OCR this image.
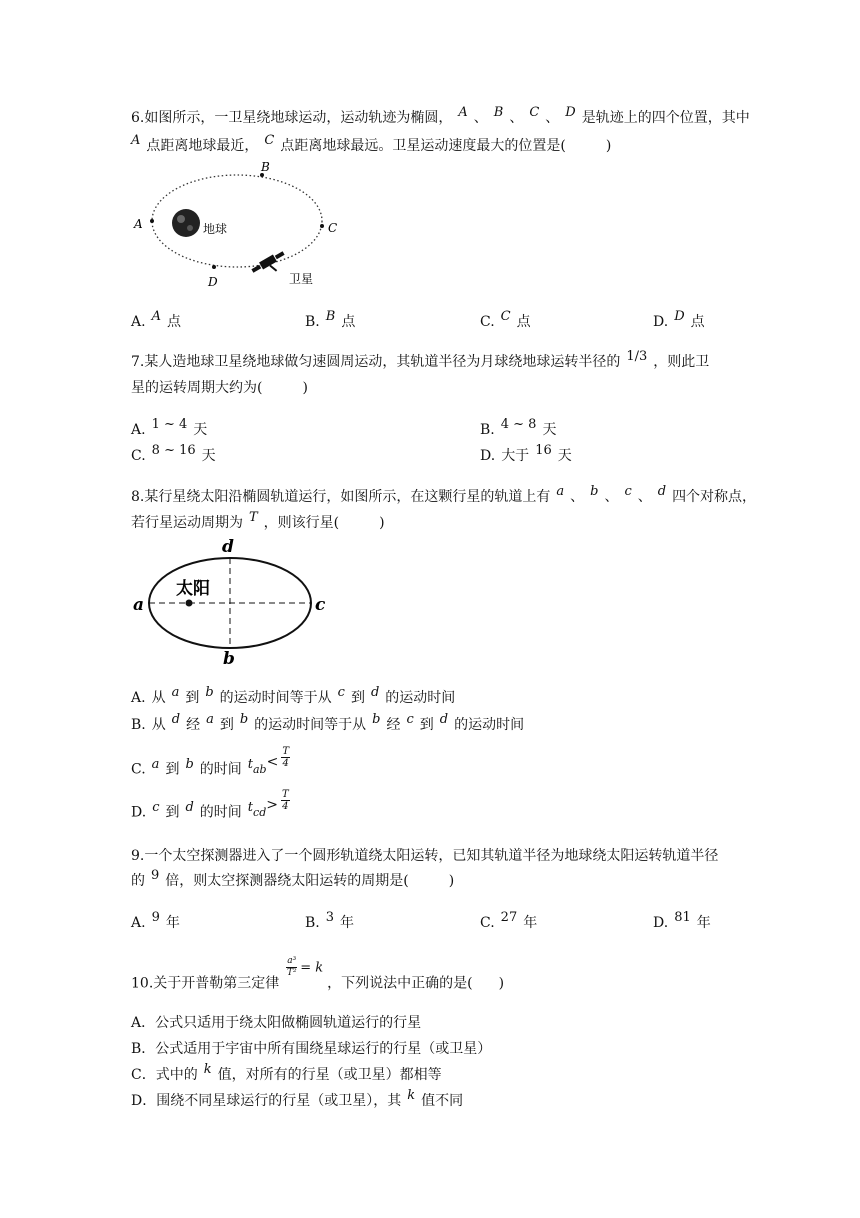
6.如图所示，一卫星绕地球运动，运动轨迹为椭圆， A 、 B 、 C 、 D 是轨迹上的四个位置，其中
A 点距离地球最近， C 点距离地球最远。卫星运动速度最大的位置是(	)
地球
A
B
C
D	卫星
A. A 点	B. B 点	C. C 点	D. D 点
7.某人造地球卫星绕地球做匀速圆周运动，其轨道半径为月球绕地球运转半径的 1/3 ，则此卫
星的运转周期大约为(	)
A. 1 ~ 4 天	B. 4 ~ 8 天
C. 8 ~ 16 天	D. 大于 16 天
8.某行星绕太阳沿椭圆轨道运行，如图所示，在这颗行星的轨道上有 a 、 b 、 c 、 d 四个对称点，
若行星运动周期为 T ，则该行星(	)
太阳
a
b
c
d
A. 从 a 到 b 的运动时间等于从 c 到 d 的运动时间
B. 从 d 经 a 到 b 的运动时间等于从 b 经 c 到 d 的运动时间
C. a 到 b 的时间 $t_{ab}< \frac{T}{4}$
D. c 到 d 的时间 $t_{cd}> \frac{T}{4}$
9.一个太空探测器进入了一个圆形轨道绕太阳运转，已知其轨道半径为地球绕太阳运转轨道半径
的 9 倍，则太空探测器绕太阳运转的周期是(	)
A. 9 年	B. 3 年	C. 27 年	D. 81 年
10.关于开普勒第三定律
$\frac{\text{a³}}{\text{T²}} = k$，下列说法中正确的是( )
A．公式只适用于绕太阳做椭圆轨道运行的行星
B．公式适用于宇宙中所有围绕星球运行的行星（或卫星）
C．式中的 k 值，对所有的行星（或卫星）都相等
D．围绕不同星球运行的行星（或卫星），其 k 值不同
